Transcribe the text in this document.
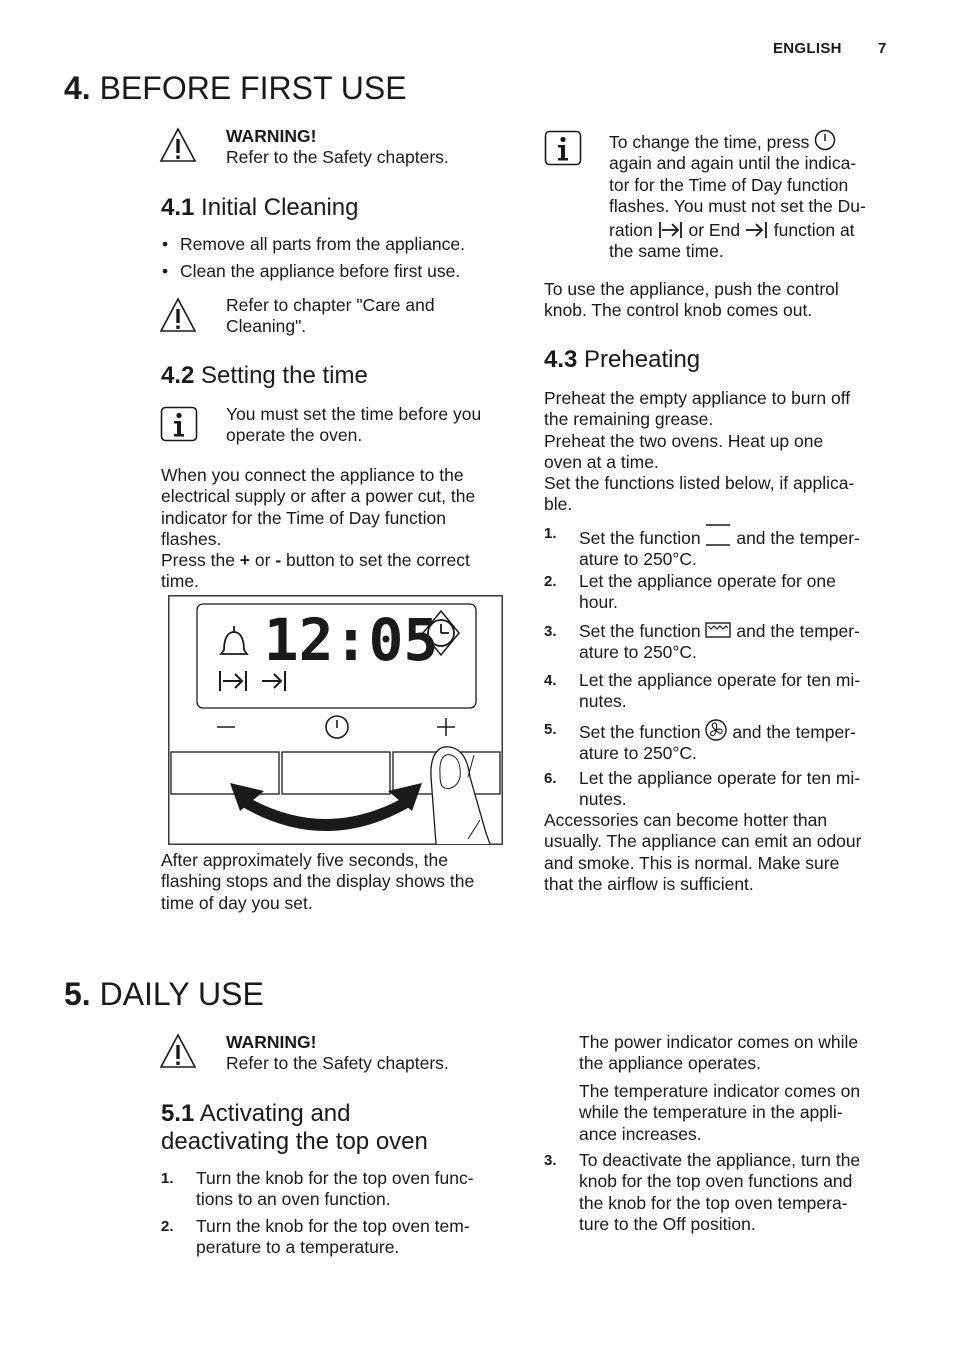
ENGLISH 7
4. BEFORE FIRST USE
WARNING!
Refer to the Safety chapters.
4.1 Initial Cleaning
• Remove all parts from the appliance.
• Clean the appliance before first use.
Refer to chapter "Care and
Cleaning".
4.2 Setting the time
You must set the time before you
operate the oven.
When you connect the appliance to the
electrical supply or after a power cut, the
indicator for the Time of Day function
flashes.
Press the + or - button to set the correct
time.
12:05
After approximately five seconds, the
flashing stops and the display shows the
time of day you set.
To change the time, press
again and again until the indica-
tor for the Time of Day function
flashes. You must not set the Du-
ration  or End  function at
the same time.
To use the appliance, push the control
knob. The control knob comes out.
4.3 Preheating
Preheat the empty appliance to burn off
the remaining grease.
Preheat the two ovens. Heat up one
oven at a time.
Set the functions listed below, if applica-
ble.
1. Set the function  and the temper-
ature to 250°C.
2. Let the appliance operate for one
hour.
3. Set the function  and the temper-
ature to 250°C.
4. Let the appliance operate for ten mi-
nutes.
5. Set the function  and the temper-
ature to 250°C.
6. Let the appliance operate for ten mi-
nutes.
Accessories can become hotter than
usually. The appliance can emit an odour
and smoke. This is normal. Make sure
that the airflow is sufficient.
5. DAILY USE
WARNING!
Refer to the Safety chapters.
5.1 Activating and
deactivating the top oven
1. Turn the knob for the top oven func-
tions to an oven function.
2. Turn the knob for the top oven tem-
perature to a temperature.
The power indicator comes on while
the appliance operates.
The temperature indicator comes on
while the temperature in the appli-
ance increases.
3. To deactivate the appliance, turn the
knob for the top oven functions and
the knob for the top oven tempera-
ture to the Off position.
